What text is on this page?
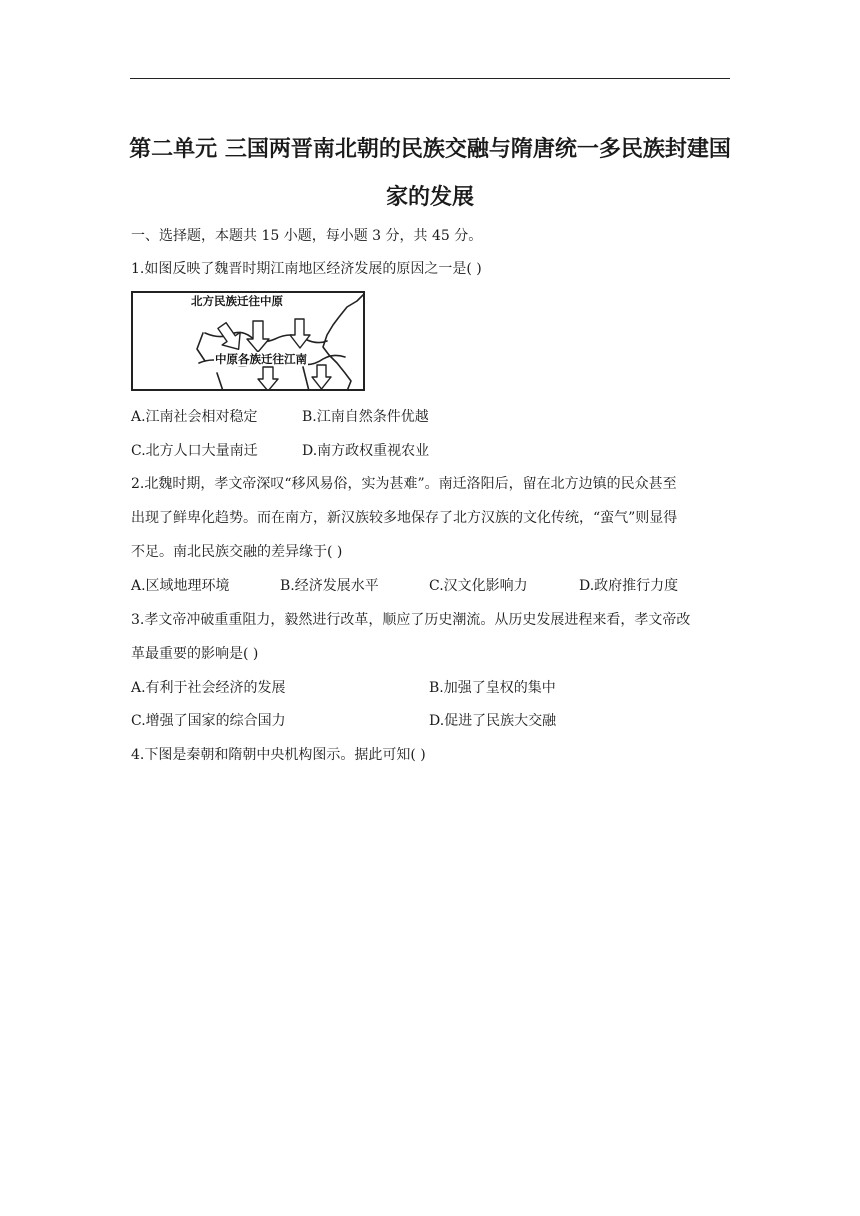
第二单元 三国两晋南北朝的民族交融与隋唐统一多民族封建国
家的发展
一、选择题，本题共 15 小题，每小题 3 分，共 45 分。
1.如图反映了魏晋时期江南地区经济发展的原因之一是( )
北方民族迁往中原
中原各族迁往江南
A.江南社会相对稳定	B.江南自然条件优越
C.北方人口大量南迁	D.南方政权重视农业
2.北魏时期，孝文帝深叹“移风易俗，实为甚难”。南迁洛阳后，留在北方边镇的民众甚至
出现了鲜卑化趋势。而在南方，新汉族较多地保存了北方汉族的文化传统，“蛮气”则显得
不足。南北民族交融的差异缘于( )
A.区域地理环境	B.经济发展水平	C.汉文化影响力	D.政府推行力度
3.孝文帝冲破重重阻力，毅然进行改革，顺应了历史潮流。从历史发展进程来看，孝文帝改
革最重要的影响是( )
A.有利于社会经济的发展	B.加强了皇权的集中
C.增强了国家的综合国力	D.促进了民族大交融
4.下图是秦朝和隋朝中央机构图示。据此可知( )
